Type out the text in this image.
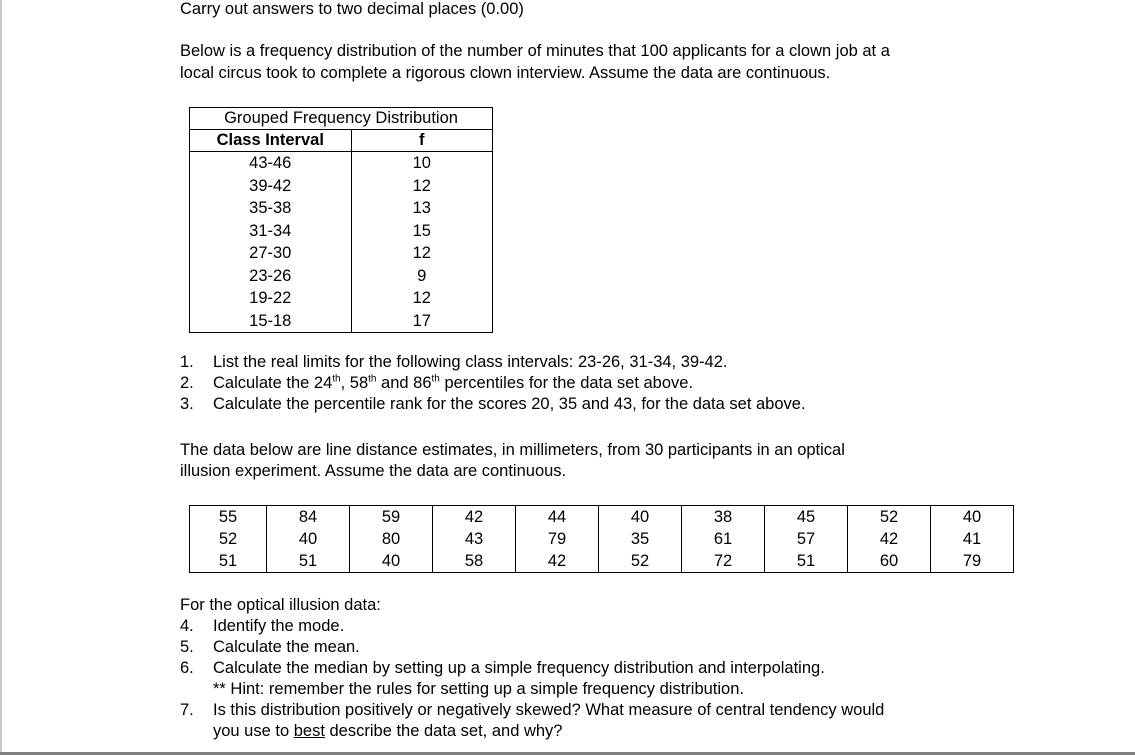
Carry out answers to two decimal places (0.00)
Below is a frequency distribution of the number of minutes that 100 applicants for a clown job at a
local circus took to complete a rigorous clown interview. Assume the data are continuous.
Grouped Frequency Distribution	
Class Interval	f
43-46	10
39-42	12
35-38	13
31-34	15
27-30	12
23-26	9
19-22	12
15-18	17
1. List the real limits for the following class intervals: 23-26, 31-34, 39-42.
2. Calculate the 24th, 58th and 86th percentiles for the data set above.
3. Calculate the percentile rank for the scores 20, 35 and 43, for the data set above.
The data below are line distance estimates, in millimeters, from 30 participants in an optical
illusion experiment. Assume the data are continuous.
55	84	59	42	44	40	38	45	52	40
52	40	80	43	79	35	61	57	42	41
51	51	40	58	42	52	72	51	60	79
For the optical illusion data:
4. Identify the mode.
5. Calculate the mean.
6. Calculate the median by setting up a simple frequency distribution and interpolating.
** Hint: remember the rules for setting up a simple frequency distribution.
7. Is this distribution positively or negatively skewed? What measure of central tendency would
you use to best describe the data set, and why?
